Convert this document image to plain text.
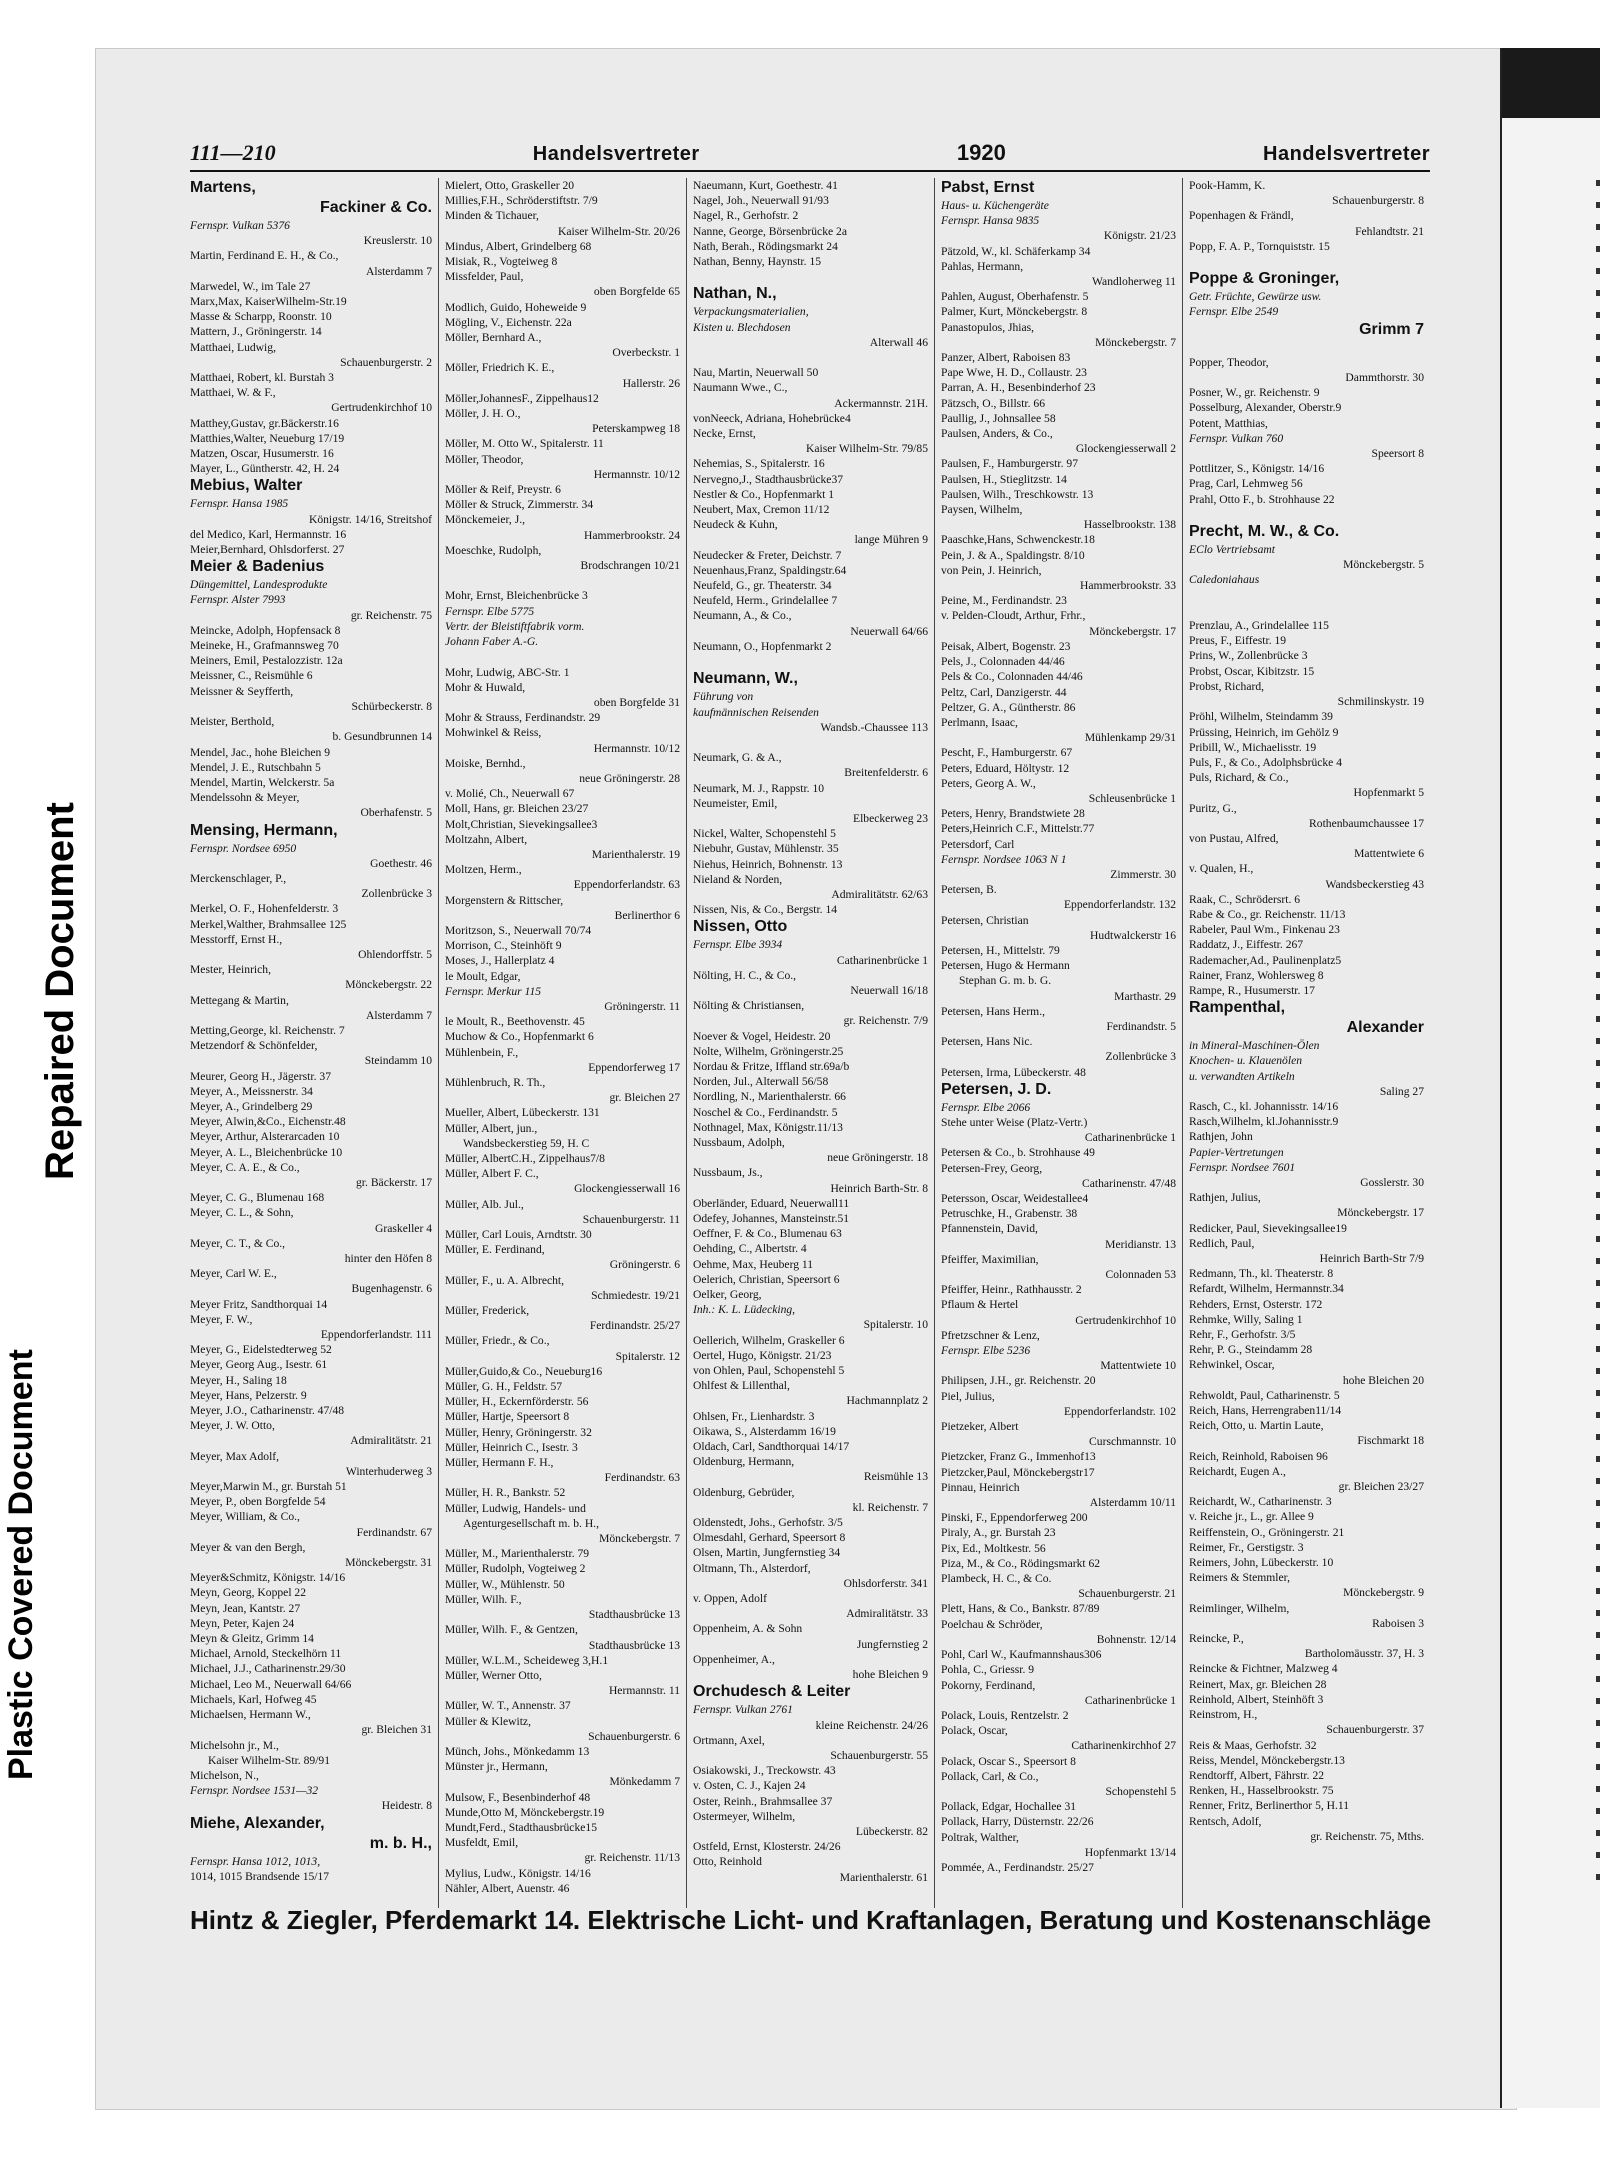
Plastic Covered Document
Repaired Document
111—210	Handelsvertreter	1920	Handelsvertreter
Martens,
Fackiner & Co.
Fernspr. Vulkan 5376
Kreuslerstr. 10
Martin, Ferdinand E. H., & Co.,
Alsterdamm 7
Marwedel, W., im Tale 27
Marx,Max, KaiserWilhelm-Str.19
Masse & Scharpp, Roonstr. 10
Mattern, J., Gröningerstr. 14
Matthaei, Ludwig,
Schauenburgerstr. 2
Matthaei, Robert, kl. Burstah 3
Matthaei, W. & F.,
Gertrudenkirchhof 10
Matthey,Gustav, gr.Bäckerstr.16
Matthies,Walter, Neueburg 17/19
Matzen, Oscar, Husumerstr. 16
Mayer, L., Güntherstr. 42, H. 24
Mebius, Walter
Fernspr. Hansa 1985
Königstr. 14/16, Streitshof
del Medico, Karl, Hermannstr. 16
Meier,Bernhard, Ohlsdorferst. 27
Meier & Badenius
Düngemittel, Landesprodukte
Fernspr. Alster 7993
gr. Reichenstr. 75
Meincke, Adolph, Hopfensack 8
Meineke, H., Grafmannsweg 70
Meiners, Emil, Pestalozzistr. 12a
Meissner, C., Reismühle 6
Meissner & Seyfferth,
Schürbeckerstr. 8
Meister, Berthold,
b. Gesundbrunnen 14
Mendel, Jac., hohe Bleichen 9
Mendel, J. E., Rutschbahn 5
Mendel, Martin, Welckerstr. 5a
Mendelssohn & Meyer,
Oberhafenstr. 5
Mensing, Hermann,
Fernspr. Nordsee 6950
Goethestr. 46
Merckenschlager, P.,
Zollenbrücke 3
Merkel, O. F., Hohenfelderstr. 3
Merkel,Walther, Brahmsallee 125
Messtorff, Ernst H.,
Ohlendorffstr. 5
Mester, Heinrich,
Mönckebergstr. 22
Mettegang & Martin,
Alsterdamm 7
Metting,George, kl. Reichenstr. 7
Metzendorf & Schönfelder,
Steindamm 10
Meurer, Georg H., Jägerstr. 37
Meyer, A., Meissnerstr. 34
Meyer, A., Grindelberg 29
Meyer, Alwin,&Co., Eichenstr.48
Meyer, Arthur, Alsterarcaden 10
Meyer, A. L., Bleichenbrücke 10
Meyer, C. A. E., & Co.,
gr. Bäckerstr. 17
Meyer, C. G., Blumenau 168
Meyer, C. L., & Sohn,
Graskeller 4
Meyer, C. T., & Co.,
hinter den Höfen 8
Meyer, Carl W. E.,
Bugenhagenstr. 6
Meyer Fritz, Sandthorquai 14
Meyer, F. W.,
Eppendorferlandstr. 111
Meyer, G., Eidelstedterweg 52
Meyer, Georg Aug., Isestr. 61
Meyer, H., Saling 18
Meyer, Hans, Pelzerstr. 9
Meyer, J.O., Catharinenstr. 47/48
Meyer, J. W. Otto,
Admiralitätstr. 21
Meyer, Max Adolf,
Winterhuderweg 3
Meyer,Marwin M., gr. Burstah 51
Meyer, P., oben Borgfelde 54
Meyer, William, & Co.,
Ferdinandstr. 67
Meyer & van den Bergh,
Mönckebergstr. 31
Meyer&Schmitz, Königstr. 14/16
Meyn, Georg, Koppel 22
Meyn, Jean, Kantstr. 27
Meyn, Peter, Kajen 24
Meyn & Gleitz, Grimm 14
Michael, Arnold, Steckelhörn 11
Michael, J.J., Catharinenstr.29/30
Michael, Leo M., Neuerwall 64/66
Michaels, Karl, Hofweg 45
Michaelsen, Hermann W.,
gr. Bleichen 31
Michelsohn jr., M.,
Kaiser Wilhelm-Str. 89/91
Michelson, N.,
Fernspr. Nordsee 1531—32
Heidestr. 8
Miehe, Alexander,
m. b. H.,
Fernspr. Hansa 1012, 1013,
1014, 1015 Brandsende 15/17
Mielert, Otto, Graskeller 20
Millies,F.H., Schröderstiftstr. 7/9
Minden & Tichauer,
Kaiser Wilhelm-Str. 20/26
Mindus, Albert, Grindelberg 68
Misiak, R., Vogteiweg 8
Missfelder, Paul,
oben Borgfelde 65
Modlich, Guido, Hoheweide 9
Mögling, V., Eichenstr. 22a
Möller, Bernhard A.,
Overbeckstr. 1
Möller, Friedrich K. E.,
Hallerstr. 26
Möller,JohannesF., Zippelhaus12
Möller, J. H. O.,
Peterskampweg 18
Möller, M. Otto W., Spitalerstr. 11
Möller, Theodor,
Hermannstr. 10/12
Möller & Reif, Preystr. 6
Möller & Struck, Zimmerstr. 34
Mönckemeier, J.,
Hammerbrookstr. 24
Moeschke, Rudolph,
Brodschrangen 10/21

Mohr, Ernst, Bleichenbrücke 3
Fernspr. Elbe 5775
Vertr. der Bleistiftfabrik vorm.
Johann Faber A.-G.

Mohr, Ludwig, ABC-Str. 1
Mohr & Huwald,
oben Borgfelde 31
Mohr & Strauss, Ferdinandstr. 29
Mohwinkel & Reiss,
Hermannstr. 10/12
Moiske, Bernhd.,
neue Gröningerstr. 28
v. Molié, Ch., Neuerwall 67
Moll, Hans, gr. Bleichen 23/27
Molt,Christian, Sievekingsallee3
Moltzahn, Albert,
Marienthalerstr. 19
Moltzen, Herm.,
Eppendorferlandstr. 63
Morgenstern & Rittscher,
Berlinerthor 6
Moritzson, S., Neuerwall 70/74
Morrison, C., Steinhöft 9
Moses, J., Hallerplatz 4
le Moult, Edgar,
Fernspr. Merkur 115
Gröningerstr. 11
le Moult, R., Beethovenstr. 45
Muchow & Co., Hopfenmarkt 6
Mühlenbein, F.,
Eppendorferweg 17
Mühlenbruch, R. Th.,
gr. Bleichen 27
Mueller, Albert, Lübeckerstr. 131
Müller, Albert, jun.,
Wandsbeckerstieg 59, H. C
Müller, AlbertC.H., Zippelhaus7/8
Müller, Albert F. C.,
Glockengiesserwall 16
Müller, Alb. Jul.,
Schauenburgerstr. 11
Müller, Carl Louis, Arndtstr. 30
Müller, E. Ferdinand,
Gröningerstr. 6
Müller, F., u. A. Albrecht,
Schmiedestr. 19/21
Müller, Frederick,
Ferdinandstr. 25/27
Müller, Friedr., & Co.,
Spitalerstr. 12
Müller,Guido,& Co., Neueburg16
Müller, G. H., Feldstr. 57
Müller, H., Eckernförderstr. 56
Müller, Hartje, Speersort 8
Müller, Henry, Gröningerstr. 32
Müller, Heinrich C., Isestr. 3
Müller, Hermann F. H.,
Ferdinandstr. 63
Müller, H. R., Bankstr. 52
Müller, Ludwig, Handels- und
Agenturgesellschaft m. b. H.,
Mönckebergstr. 7
Müller, M., Marienthalerstr. 79
Müller, Rudolph, Vogteiweg 2
Müller, W., Mühlenstr. 50
Müller, Wilh. F.,
Stadthausbrücke 13
Müller, Wilh. F., & Gentzen,
Stadthausbrücke 13
Müller, W.L.M., Scheideweg 3,H.1
Müller, Werner Otto,
Hermannstr. 11
Müller, W. T., Annenstr. 37
Müller & Klewitz,
Schauenburgerstr. 6
Münch, Johs., Mönkedamm 13
Münster jr., Hermann,
Mönkedamm 7
Mulsow, F., Besenbinderhof 48
Munde,Otto M, Mönckebergstr.19
Mundt,Ferd., Stadthausbrücke15
Musfeldt, Emil,
gr. Reichenstr. 11/13
Mylius, Ludw., Königstr. 14/16
Nähler, Albert, Auenstr. 46
Naeumann, Kurt, Goethestr. 41
Nagel, Joh., Neuerwall 91/93
Nagel, R., Gerhofstr. 2
Nanne, George, Börsenbrücke 2a
Nath, Berah., Rödingsmarkt 24
Nathan, Benny, Haynstr. 15

Nathan, N.,
Verpackungsmaterialien,
Kisten u. Blechdosen
Alterwall 46

Nau, Martin, Neuerwall 50
Naumann Wwe., C.,
Ackermannstr. 21H.
vonNeeck, Adriana, Hohebrücke4
Necke, Ernst,
Kaiser Wilhelm-Str. 79/85
Nehemias, S., Spitalerstr. 16
Nervegno,J., Stadthausbrücke37
Nestler & Co., Hopfenmarkt 1
Neubert, Max, Cremon 11/12
Neudeck & Kuhn,
lange Mühren 9
Neudecker & Freter, Deichstr. 7
Neuenhaus,Franz, Spaldingstr.64
Neufeld, G., gr. Theaterstr. 34
Neufeld, Herm., Grindelallee 7
Neumann, A., & Co.,
Neuerwall 64/66
Neumann, O., Hopfenmarkt 2

Neumann, W.,
Führung von
kaufmännischen Reisenden
Wandsb.-Chaussee 113

Neumark, G. & A.,
Breitenfelderstr. 6
Neumark, M. J., Rappstr. 10
Neumeister, Emil,
Elbeckerweg 23
Nickel, Walter, Schopenstehl 5
Niebuhr, Gustav, Mühlenstr. 35
Niehus, Heinrich, Bohnenstr. 13
Nieland & Norden,
Admiralitätstr. 62/63
Nissen, Nis, & Co., Bergstr. 14
Nissen, Otto
Fernspr. Elbe 3934
Catharinenbrücke 1
Nölting, H. C., & Co.,
Neuerwall 16/18
Nölting & Christiansen,
gr. Reichenstr. 7/9
Noever & Vogel, Heidestr. 20
Nolte, Wilhelm, Gröningerstr.25
Nordau & Fritze, Iffland str.69a/b
Norden, Jul., Alterwall 56/58
Nordling, N., Marienthalerstr. 66
Noschel & Co., Ferdinandstr. 5
Nothnagel, Max, Königstr.11/13
Nussbaum, Adolph,
neue Gröningerstr. 18
Nussbaum, Js.,
Heinrich Barth-Str. 8
Oberländer, Eduard, Neuerwall11
Odefey, Johannes, Mansteinstr.51
Oeffner, F. & Co., Blumenau 63
Oehding, C., Albertstr. 4
Oehme, Max, Heuberg 11
Oelerich, Christian, Speersort 6
Oelker, Georg,
Inh.: K. L. Lüdecking,
Spitalerstr. 10
Oellerich, Wilhelm, Graskeller 6
Oertel, Hugo, Königstr. 21/23
von Ohlen, Paul, Schopenstehl 5
Ohlfest & Lillenthal,
Hachmannplatz 2
Ohlsen, Fr., Lienhardstr. 3
Oikawa, S., Alsterdamm 16/19
Oldach, Carl, Sandthorquai 14/17
Oldenburg, Hermann,
Reismühle 13
Oldenburg, Gebrüder,
kl. Reichenstr. 7
Oldenstedt, Johs., Gerhofstr. 3/5
Olmesdahl, Gerhard, Speersort 8
Olsen, Martin, Jungfernstieg 34
Oltmann, Th., Alsterdorf,
Ohlsdorferstr. 341
v. Oppen, Adolf
Admiralitätstr. 33
Oppenheim, A. & Sohn
Jungfernstieg 2
Oppenheimer, A.,
hohe Bleichen 9
Orchudesch & Leiter
Fernspr. Vulkan 2761
kleine Reichenstr. 24/26
Ortmann, Axel,
Schauenburgerstr. 55
Osiakowski, J., Treckowstr. 43
v. Osten, C. J., Kajen 24
Oster, Reinh., Brahmsallee 37
Ostermeyer, Wilhelm,
Lübeckerstr. 82
Ostfeld, Ernst, Klosterstr. 24/26
Otto, Reinhold
Marienthalerstr. 61
Pabst, Ernst
Haus- u. Küchengeräte
Fernspr. Hansa 9835
Königstr. 21/23
Pätzold, W., kl. Schäferkamp 34
Pahlas, Hermann,
Wandloherweg 11
Pahlen, August, Oberhafenstr. 5
Palmer, Kurt, Mönckebergstr. 8
Panastopulos, Jhias,
Mönckebergstr. 7
Panzer, Albert, Raboisen 83
Pape Wwe, H. D., Collaustr. 23
Parran, A. H., Besenbinderhof 23
Pätzsch, O., Billstr. 66
Paullig, J., Johnsallee 58
Paulsen, Anders, & Co.,
Glockengiesserwall 2
Paulsen, F., Hamburgerstr. 97
Paulsen, H., Stieglitzstr. 14
Paulsen, Wilh., Treschkowstr. 13
Paysen, Wilhelm,
Hasselbrookstr. 138
Paaschke,Hans, Schwenckestr.18
Pein, J. & A., Spaldingstr. 8/10
von Pein, J. Heinrich,
Hammerbrookstr. 33
Peine, M., Ferdinandstr. 23
v. Pelden-Cloudt, Arthur, Frhr.,
Mönckebergstr. 17
Peisak, Albert, Bogenstr. 23
Pels, J., Colonnaden 44/46
Pels & Co., Colonnaden 44/46
Peltz, Carl, Danzigerstr. 44
Peltzer, G. A., Güntherstr. 86
Perlmann, Isaac,
Mühlenkamp 29/31
Pescht, F., Hamburgerstr. 67
Peters, Eduard, Höltystr. 12
Peters, Georg A. W.,
Schleusenbrücke 1
Peters, Henry, Brandstwiete 28
Peters,Heinrich C.F., Mittelstr.77
Petersdorf, Carl
Fernspr. Nordsee 1063 N 1
Zimmerstr. 30
Petersen, B.
Eppendorferlandstr. 132
Petersen, Christian
Hudtwalckerstr 16
Petersen, H., Mittelstr. 79
Petersen, Hugo & Hermann
Stephan G. m. b. G.
Marthastr. 29
Petersen, Hans Herm.,
Ferdinandstr. 5
Petersen, Hans Nic.
Zollenbrücke 3
Petersen, Irma, Lübeckerstr. 48
Petersen, J. D.
Fernspr. Elbe 2066
Stehe unter Weise (Platz-Vertr.)
Catharinenbrücke 1
Petersen & Co., b. Strohhause 49
Petersen-Frey, Georg,
Catharinenstr. 47/48
Petersson, Oscar, Weidestallee4
Petruschke, H., Grabenstr. 38
Pfannenstein, David,
Meridianstr. 13
Pfeiffer, Maximilian,
Colonnaden 53
Pfeiffer, Heinr., Rathhausstr. 2
Pflaum & Hertel
Gertrudenkirchhof 10
Pfretzschner & Lenz,
Fernspr. Elbe 5236
Mattentwiete 10
Philipsen, J.H., gr. Reichenstr. 20
Piel, Julius,
Eppendorferlandstr. 102
Pietzeker, Albert
Curschmannstr. 10
Pietzcker, Franz G., Immenhof13
Pietzcker,Paul, Mönckebergstr17
Pinnau, Heinrich
Alsterdamm 10/11
Pinski, F., Eppendorferweg 200
Piraly, A., gr. Burstah 23
Pix, Ed., Moltkestr. 56
Piza, M., & Co., Rödingsmarkt 62
Plambeck, H. C., & Co.
Schauenburgerstr. 21
Plett, Hans, & Co., Bankstr. 87/89
Poelchau & Schröder,
Bohnenstr. 12/14
Pohl, Carl W., Kaufmannshaus306
Pohla, C., Griessr. 9
Pokorny, Ferdinand,
Catharinenbrücke 1
Polack, Louis, Rentzelstr. 2
Polack, Oscar,
Catharinenkirchhof 27
Polack, Oscar S., Speersort 8
Pollack, Carl, & Co.,
Schopenstehl 5
Pollack, Edgar, Hochallee 31
Pollack, Harry, Düsternstr. 22/26
Poltrak, Walther,
Hopfenmarkt 13/14
Pommée, A., Ferdinandstr. 25/27
Pook-Hamm, K.
Schauenburgerstr. 8
Popenhagen & Frändl,
Fehlandtstr. 21
Popp, F. A. P., Tornquiststr. 15

Poppe & Groninger,
Getr. Früchte, Gewürze usw.
Fernspr. Elbe 2549
Grimm 7

Popper, Theodor,
Dammthorstr. 30
Posner, W., gr. Reichenstr. 9
Posselburg, Alexander, Oberstr.9
Potent, Matthias,
Fernspr. Vulkan 760
Speersort 8
Pottlitzer, S., Königstr. 14/16
Prag, Carl, Lehmweg 56
Prahl, Otto F., b. Strohhause 22

Precht, M. W., & Co.
EClo Vertriebsamt
Mönckebergstr. 5
Caledoniahaus

Prenzlau, A., Grindelallee 115
Preus, F., Eiffestr. 19
Prins, W., Zollenbrücke 3
Probst, Oscar, Kibitzstr. 15
Probst, Richard,
Schmilinskystr. 19
Pröhl, Wilhelm, Steindamm 39
Prüssing, Heinrich, im Gehölz 9
Pribill, W., Michaelisstr. 19
Puls, F., & Co., Adolphsbrücke 4
Puls, Richard, & Co.,
Hopfenmarkt 5
Puritz, G.,
Rothenbaumchaussee 17
von Pustau, Alfred,
Mattentwiete 6
v. Qualen, H.,
Wandsbeckerstieg 43
Raak, C., Schrödersrt. 6
Rabe & Co., gr. Reichenstr. 11/13
Rabeler, Paul Wm., Finkenau 23
Raddatz, J., Eiffestr. 267
Rademacher,Ad., Paulinenplatz5
Rainer, Franz, Wohlersweg 8
Rampe, R., Husumerstr. 17
Rampenthal,
Alexander
in Mineral-Maschinen-Ölen
Knochen- u. Klauenölen
u. verwandten Artikeln
Saling 27
Rasch, C., kl. Johannisstr. 14/16
Rasch,Wilhelm, kl.Johannisstr.9
Rathjen, John
Papier-Vertretungen
Fernspr. Nordsee 7601
Gosslerstr. 30
Rathjen, Julius,
Mönckebergstr. 17
Redicker, Paul, Sievekingsallee19
Redlich, Paul,
Heinrich Barth-Str 7/9
Redmann, Th., kl. Theaterstr. 8
Refardt, Wilhelm, Hermannstr.34
Rehders, Ernst, Osterstr. 172
Rehmke, Willy, Saling 1
Rehr, F., Gerhofstr. 3/5
Rehr, P. G., Steindamm 28
Rehwinkel, Oscar,
hohe Bleichen 20
Rehwoldt, Paul, Catharinenstr. 5
Reich, Hans, Herrengraben11/14
Reich, Otto, u. Martin Laute,
Fischmarkt 18
Reich, Reinhold, Raboisen 96
Reichardt, Eugen A.,
gr. Bleichen 23/27
Reichardt, W., Catharinenstr. 3
v. Reiche jr., L., gr. Allee 9
Reiffenstein, O., Gröningerstr. 21
Reimer, Fr., Gerstigstr. 3
Reimers, John, Lübeckerstr. 10
Reimers & Stemmler,
Mönckebergstr. 9
Reimlinger, Wilhelm,
Raboisen 3
Reincke, P.,
Bartholomäusstr. 37, H. 3
Reincke & Fichtner, Malzweg 4
Reinert, Max, gr. Bleichen 28
Reinhold, Albert, Steinhöft 3
Reinstrom, H.,
Schauenburgerstr. 37
Reis & Maas, Gerhofstr. 32
Reiss, Mendel, Mönckebergstr.13
Rendtorff, Albert, Fährstr. 22
Renken, H., Hasselbrookstr. 75
Renner, Fritz, Berlinerthor 5, H.11
Rentsch, Adolf,
gr. Reichenstr. 75, Mths.
Hintz & Ziegler, Pferdemarkt 14. Elektrische Licht- und Kraftanlagen, Beratung und Kostenanschläge
